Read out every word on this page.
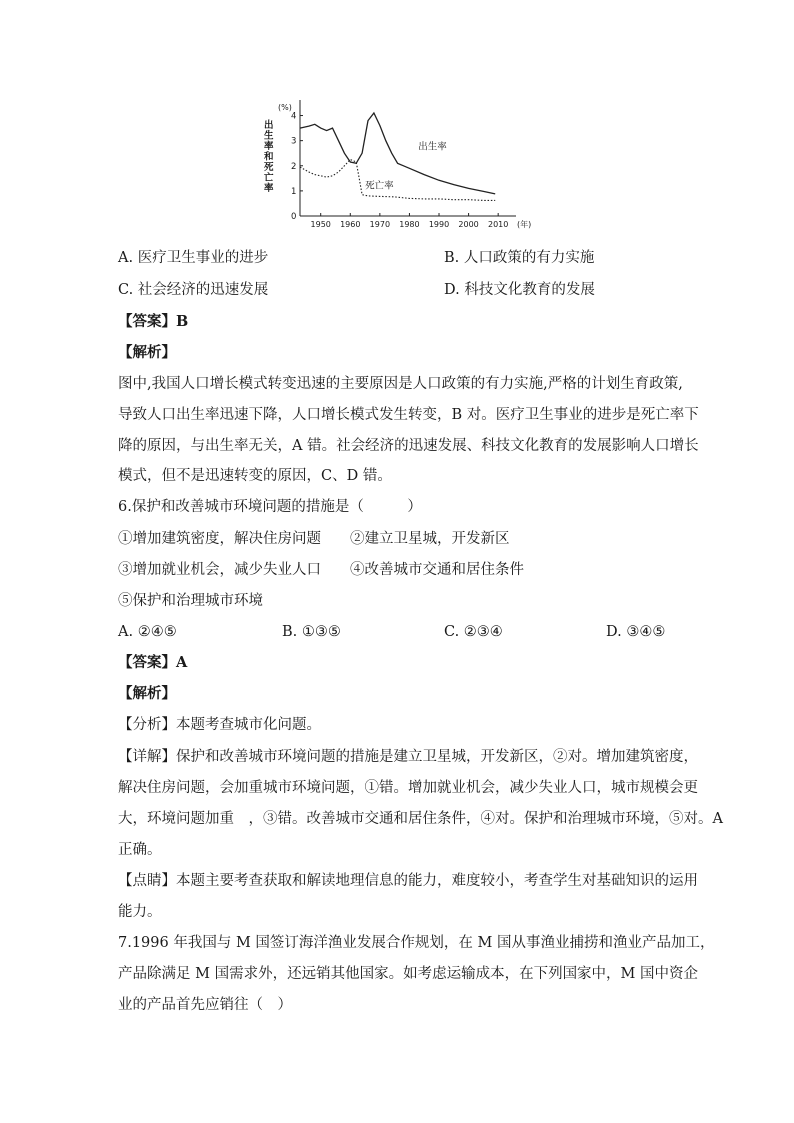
(%)
(年)
出
生
率
和
死
亡
率
0
1
2
3
4
1950 1960 1970 1980 1990 2000 2010
出生率
死亡率
A. 医疗卫生事业的进步	B. 人口政策的有力实施
C. 社会经济的迅速发展	D. 科技文化教育的发展
【答案】B
【解析】
图中,我国人口增长模式转变迅速的主要原因是人口政策的有力实施,严格的计划生育政策,
导致人口出生率迅速下降，人口增长模式发生转变，B 对。医疗卫生事业的进步是死亡率下
降的原因，与出生率无关，A 错。社会经济的迅速发展、科技文化教育的发展影响人口增长
模式，但不是迅速转变的原因，C、D 错。
6.保护和改善城市环境问题的措施是（　　　）
①增加建筑密度，解决住房问题 ②建立卫星城，开发新区
③增加就业机会，减少失业人口 ④改善城市交通和居住条件
⑤保护和治理城市环境
A. ②④⑤	B. ①③⑤	C. ②③④	D. ③④⑤
【答案】A
【解析】
【分析】本题考查城市化问题。
【详解】保护和改善城市环境问题的措施是建立卫星城，开发新区，②对。增加建筑密度，
解决住房问题，会加重城市环境问题，①错。增加就业机会，减少失业人口，城市规模会更
大，环境问题加重　，③错。改善城市交通和居住条件，④对。保护和治理城市环境，⑤对。A
正确。
【点睛】本题主要考查获取和解读地理信息的能力，难度较小，考查学生对基础知识的运用
能力。
7.1996 年我国与 M 国签订海洋渔业发展合作规划，在 M 国从事渔业捕捞和渔业产品加工，
产品除满足 M 国需求外，还远销其他国家。如考虑运输成本，在下列国家中，M 国中资企
业的产品首先应销往（　）
